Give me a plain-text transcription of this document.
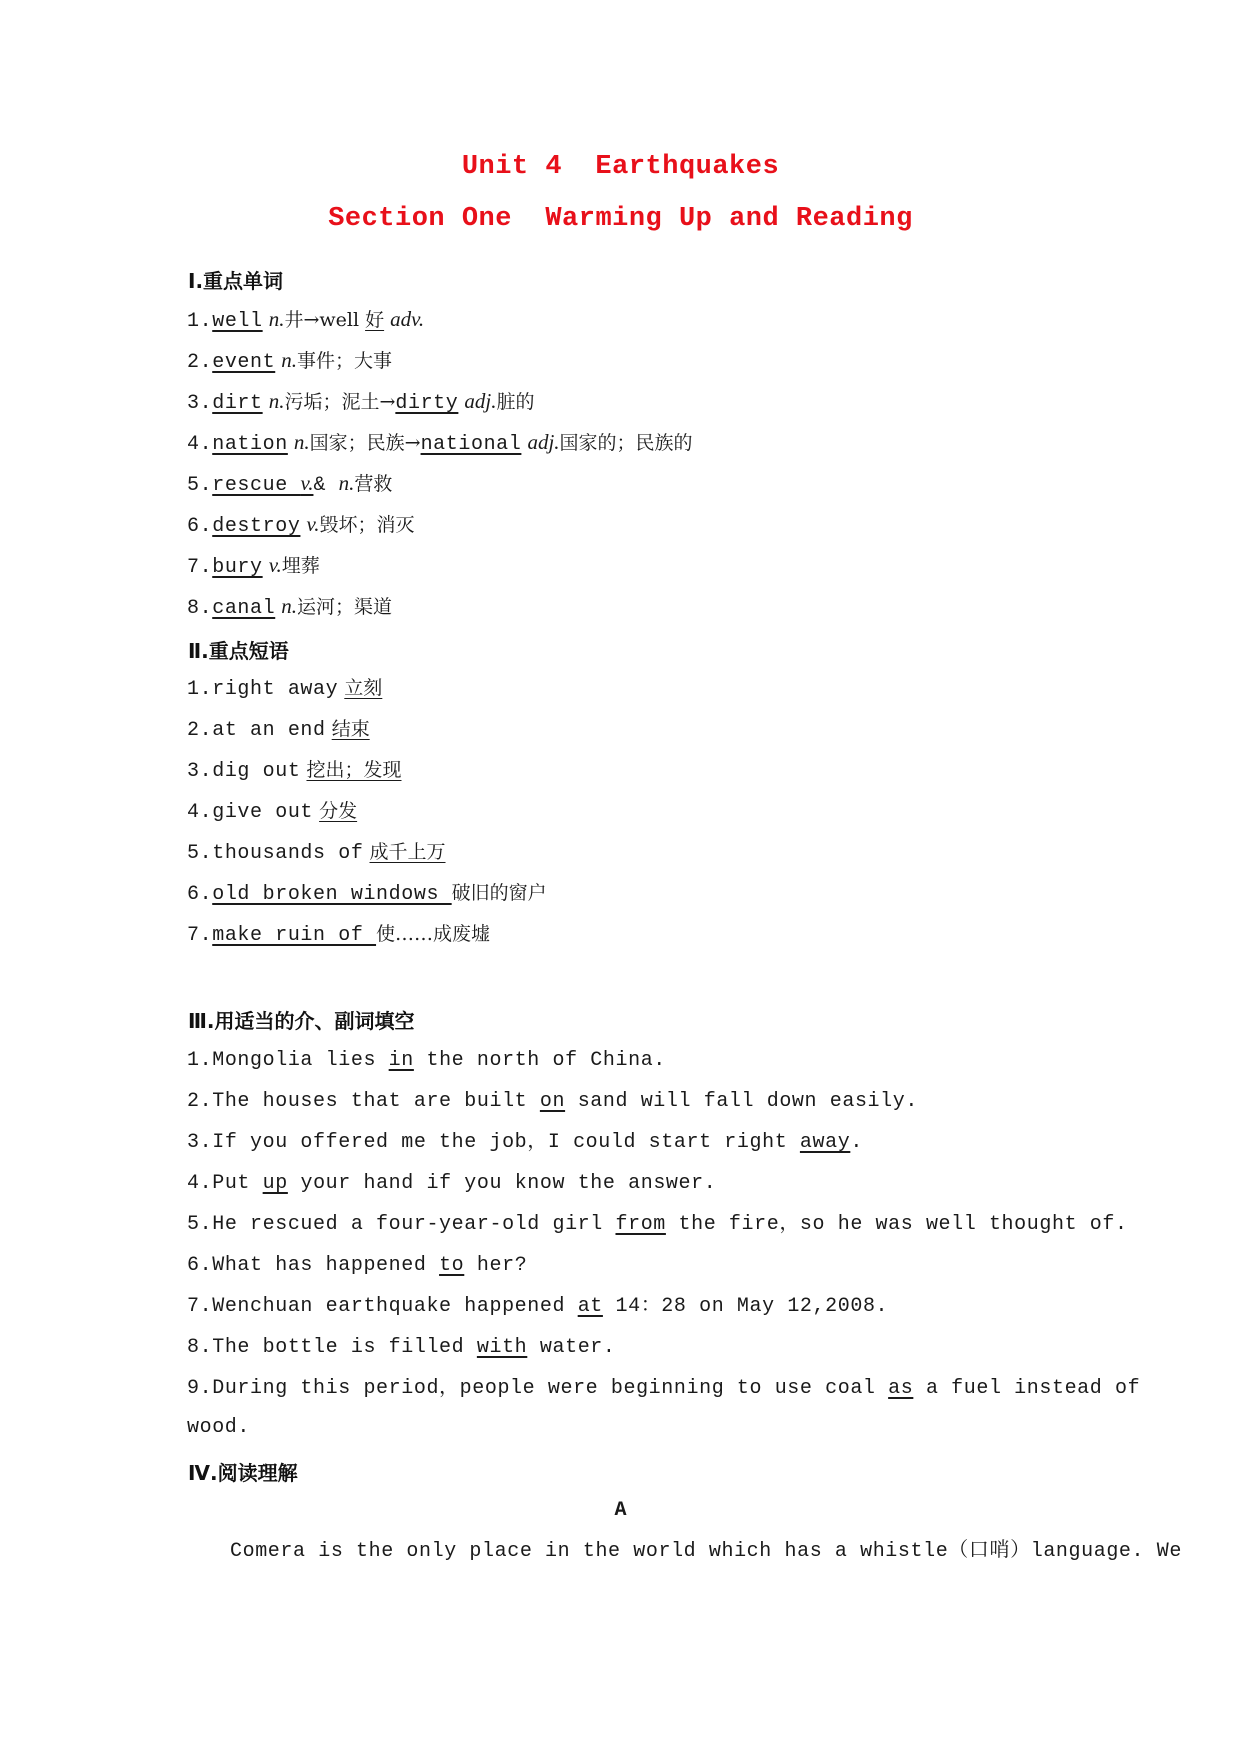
Unit 4  Earthquakes
Section One  Warming Up and Reading
Ⅰ.重点单词
1.well n.井→well 好 adv.
2.event n.事件；大事
3.dirt n.污垢；泥土→dirty adj.脏的
4.nation n.国家；民族→national adj.国家的；民族的
5.rescue v.& n.营救
6.destroy v.毁坏；消灭
7.bury v.埋葬
8.canal n.运河；渠道
Ⅱ.重点短语
1.right away 立刻
2.at an end 结束
3.dig out 挖出；发现
4.give out 分发
5.thousands of 成千上万
6.old broken windows 破旧的窗户
7.make ruin of 使……成废墟
Ⅲ.用适当的介、副词填空
1.Mongolia lies in the north of China.
2.The houses that are built on sand will fall down easily.
3.If you offered me the job，I could start right away.
4.Put up your hand if you know the answer.
5.He rescued a four-year-old girl from the fire，so he was well thought of.
6.What has happened to her?
7.Wenchuan earthquake happened at 14：28 on May 12,2008.
8.The bottle is filled with water.
9.During this period，people were beginning to use coal as a fuel instead of
wood.
Ⅳ.阅读理解
A
Comera is the only place in the world which has a whistle（口哨）language. We
